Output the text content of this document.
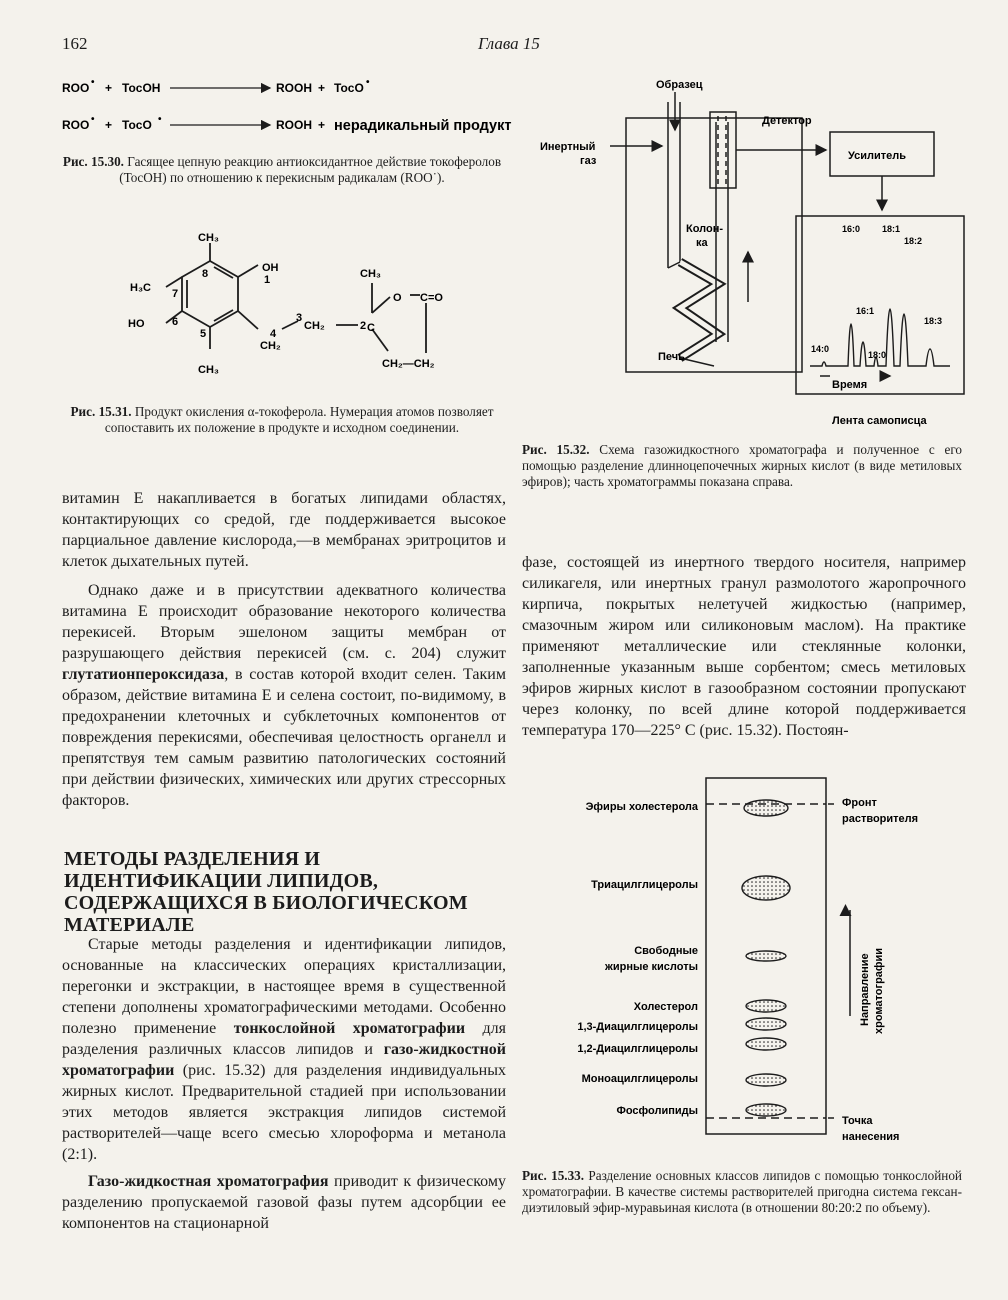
162	Глава 15
ROO • + TocOH	ROOH + TocO •
ROO • + TocO •	ROOH + нерадикальный продукт
Рис. 15.30. Гасящее цепную реакцию антиоксидантное действие токоферолов (TocOH) по отношению к перекисным радикалам (ROO˙).
CH₃
8
H₃C 7
OH
1
HO	6
5
CH₃
4
CH₂
3
CH₂	2 C
CH₃
O C=O
CH₂—CH₂
Рис. 15.31. Продукт окисления α-токоферола. Нумерация атомов позволяет сопоставить их положение в продукте и исходном соединении.
Образец
Инертный
газ
Детектор
Усилитель
Колон-
ка
Печь
Время
Лента самописца
14:0
16:0
16:1
18:0
18:1
18:2
18:3
Рис. 15.32. Схема газожидкостного хроматографа и полученное с его помощью разделение длинноцепочечных жирных кислот (в виде метиловых эфиров); часть хроматограммы показана справа.

витамин E накапливается в богатых липидами областях, контактирующих со средой, где поддерживается высокое парциальное давление кислорода,—в мембранах эритроцитов и клеток дыхательных путей.

Однако даже и в присутствии адекватного количества витамина E происходит образование некоторого количества перекисей. Вторым эшелоном защиты мембран от разрушающего действия перекисей (см. с. 204) служит глутатионпероксидаза, в состав которой входит селен. Таким образом, действие витамина E и селена состоит, по-видимому, в предохранении клеточных и субклеточных компонентов от повреждения перекисями, обеспечивая целостность органелл и препятствуя тем самым развитию патологических состояний при действии физических, химических или других стрессорных факторов.

МЕТОДЫ РАЗДЕЛЕНИЯ И ИДЕНТИФИКАЦИИ ЛИПИДОВ, СОДЕРЖАЩИХСЯ В БИОЛОГИЧЕСКОМ МАТЕРИАЛЕ

Старые методы разделения и идентификации липидов, основанные на классических операциях кристаллизации, перегонки и экстракции, в настоящее время в существенной степени дополнены хроматографическими методами. Особенно полезно применение тонкослойной хроматографии для разделения различных классов липидов и газо-жидкостной хроматографии (рис. 15.32) для разделения индивидуальных жирных кислот. Предварительной стадией при использовании этих методов является экстракция липидов системой растворителей—чаще всего смесью хлороформа и метанола (2:1).

Газо-жидкостная хроматография приводит к физическому разделению пропускаемой газовой фазы путем адсорбции ее компонентов на стационарной

фазе, состоящей из инертного твердого носителя, например силикагеля, или инертных гранул размолотого жаропрочного кирпича, покрытых нелетучей жидкостью (например, смазочным жиром или силиконовым маслом). На практике применяют металлические или стеклянные колонки, заполненные указанным выше сорбентом; смесь метиловых эфиров жирных кислот в газообразном состоянии пропускают через колонку, по всей длине которой поддерживается температура 170—225° C (рис. 15.32). Постоян-

Эфиры холестерола
Триацилглицеролы
Свободные
жирные кислоты
Холестерол
1,3-Диацилглицеролы
1,2-Диацилглицеролы
Моноацилглицеролы
Фосфолипиды
Фронт
растворителя
Точка
нанесения
Направление хроматографии
Рис. 15.33. Разделение основных классов липидов с помощью тонкослойной хроматографии. В качестве системы растворителей пригодна система гексан-диэтиловый эфир-муравьиная кислота (в отношении 80:20:2 по объему).
